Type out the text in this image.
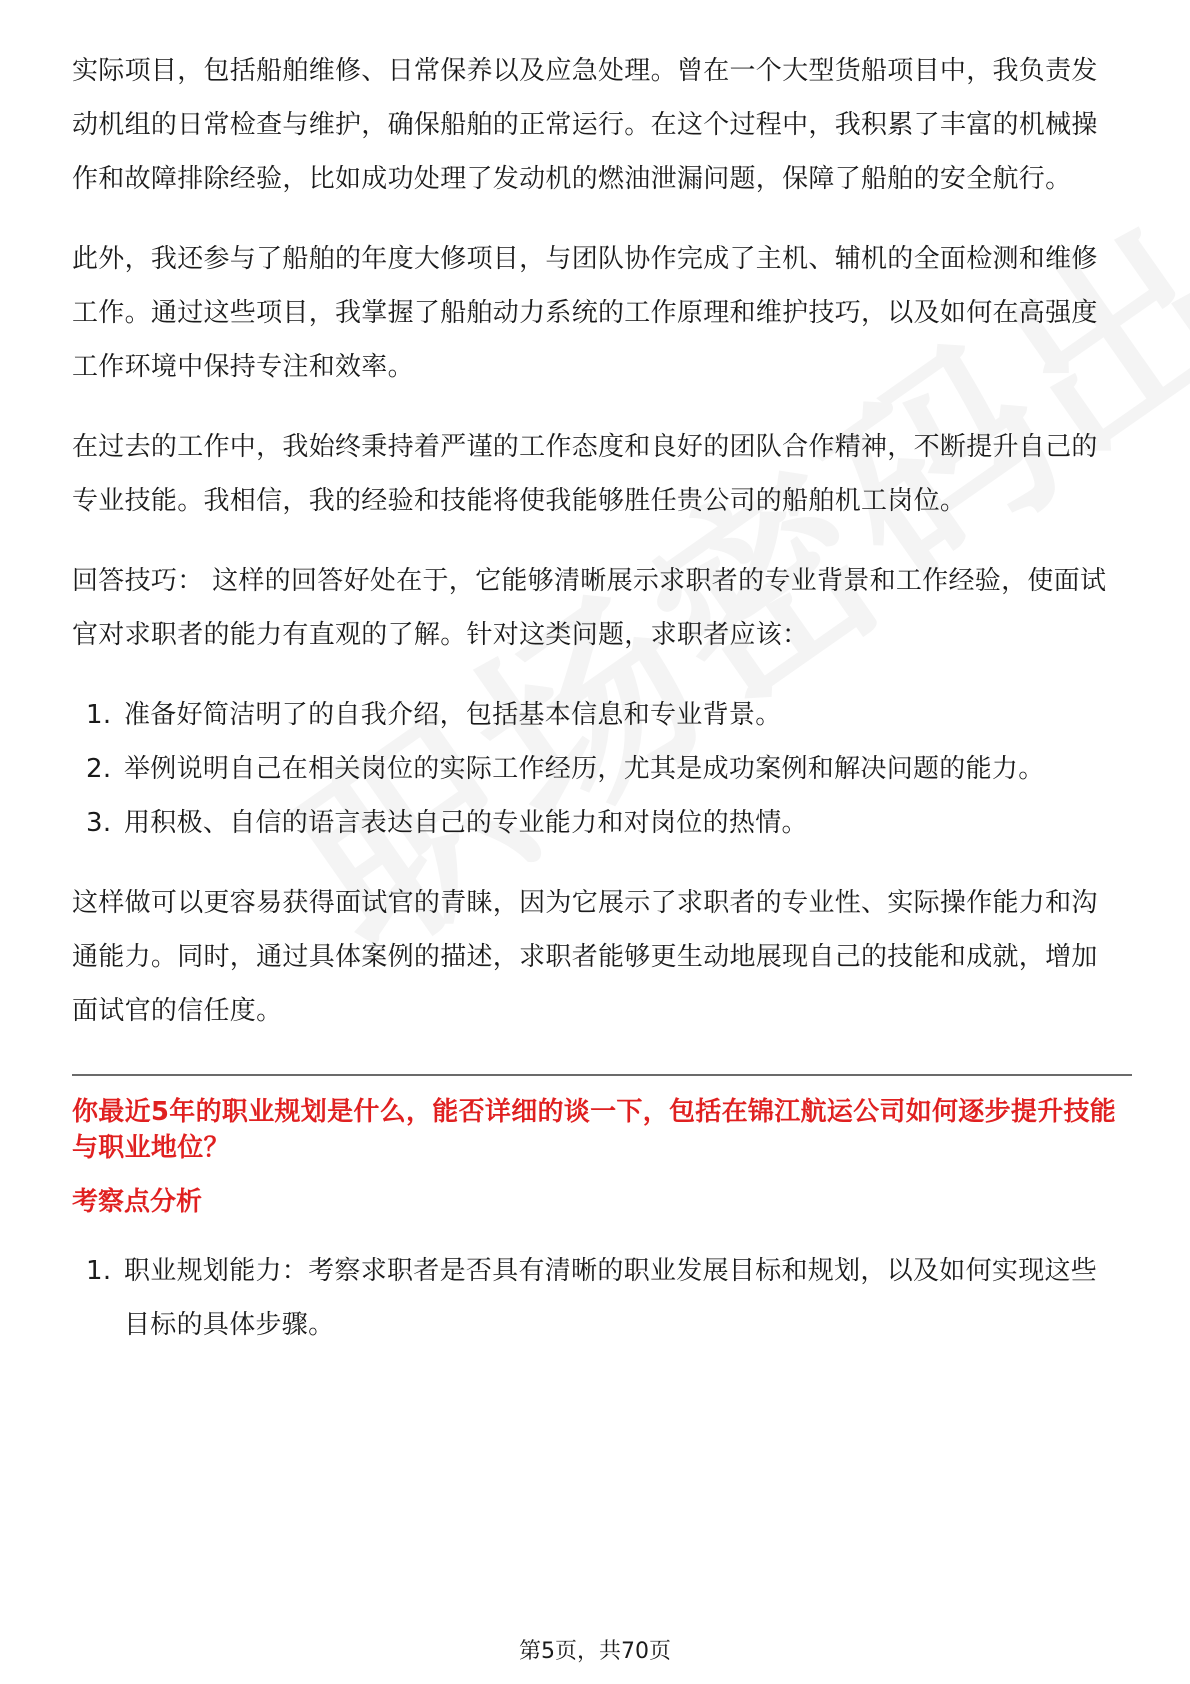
实际项目，包括船舶维修、日常保养以及应急处理。曾在一个大型货船项目中，我负责发动机组的日常检查与维护，确保船舶的正常运行。在这个过程中，我积累了丰富的机械操作和故障排除经验，比如成功处理了发动机的燃油泄漏问题，保障了船舶的安全航行。

此外，我还参与了船舶的年度大修项目，与团队协作完成了主机、辅机的全面检测和维修工作。通过这些项目，我掌握了船舶动力系统的工作原理和维护技巧，以及如何在高强度工作环境中保持专注和效率。

在过去的工作中，我始终秉持着严谨的工作态度和良好的团队合作精神，不断提升自己的专业技能。我相信，我的经验和技能将使我能够胜任贵公司的船舶机工岗位。

回答技巧： 这样的回答好处在于，它能够清晰展示求职者的专业背景和工作经验，使面试官对求职者的能力有直观的了解。针对这类问题，求职者应该：

1. 准备好简洁明了的自我介绍，包括基本信息和专业背景。
2. 举例说明自己在相关岗位的实际工作经历，尤其是成功案例和解决问题的能力。
3. 用积极、自信的语言表达自己的专业能力和对岗位的热情。

这样做可以更容易获得面试官的青睐，因为它展示了求职者的专业性、实际操作能力和沟通能力。同时，通过具体案例的描述，求职者能够更生动地展现自己的技能和成就，增加面试官的信任度。

你最近5年的职业规划是什么，能否详细的谈一下，包括在锦江航运公司如何逐步提升技能与职业地位？
考察点分析
1. 职业规划能力：考察求职者是否具有清晰的职业发展目标和规划，以及如何实现这些目标的具体步骤。
第5页，共70页
